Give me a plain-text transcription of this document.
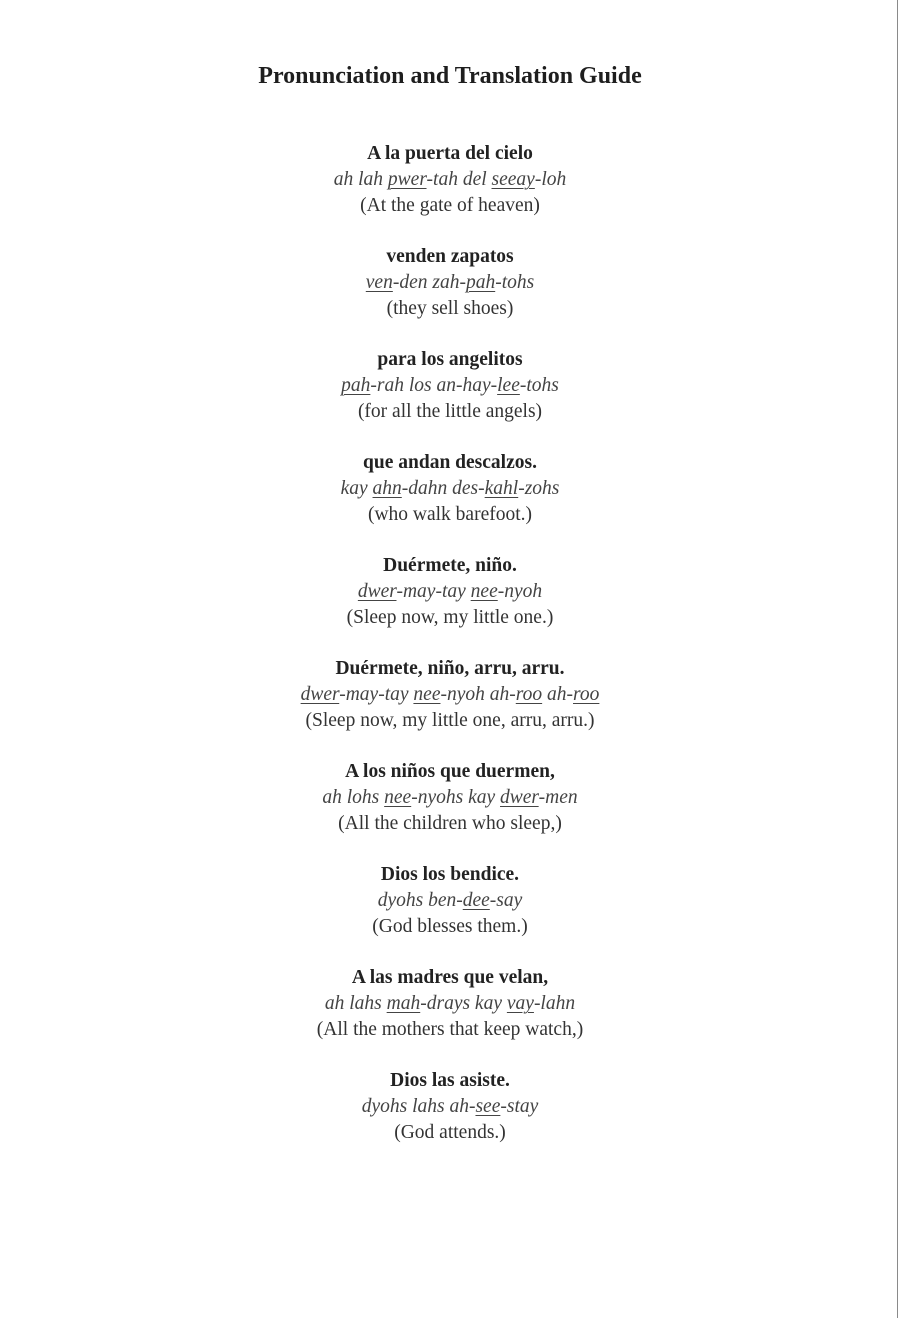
Pronunciation and Translation Guide
A la puerta del cielo
ah lah pwer-tah del seeay-loh
(At the gate of heaven)
venden zapatos
ven-den zah-pah-tohs
(they sell shoes)
para los angelitos
pah-rah los an-hay-lee-tohs
(for all the little angels)
que andan descalzos.
kay ahn-dahn des-kahl-zohs
(who walk barefoot.)
Duérmete, niño.
dwer-may-tay nee-nyoh
(Sleep now, my little one.)
Duérmete, niño, arru, arru.
dwer-may-tay nee-nyoh ah-roo ah-roo
(Sleep now, my little one, arru, arru.)
A los niños que duermen,
ah lohs nee-nyohs kay dwer-men
(All the children who sleep,)
Dios los bendice.
dyohs ben-dee-say
(God blesses them.)
A las madres que velan,
ah lahs mah-drays kay vay-lahn
(All the mothers that keep watch,)
Dios las asiste.
dyohs lahs ah-see-stay
(God attends.)
